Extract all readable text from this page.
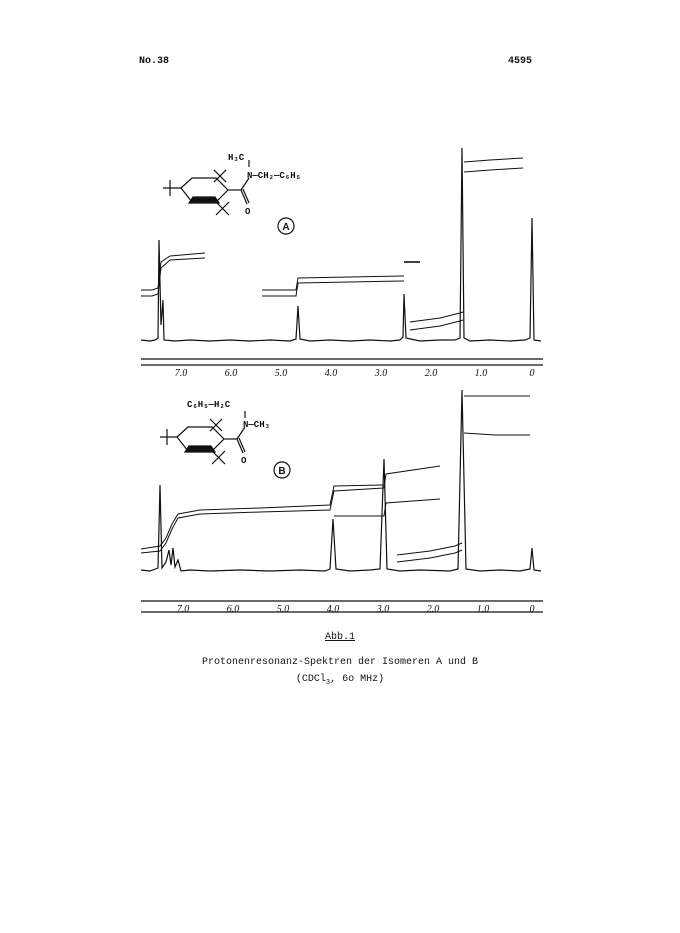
No.38	4595
H₃C
N—CH₂—C₆H₅
O
A
C₆H₅—H₂C
N—CH₃
O
B
7.0	6.0	5.0	4.0	3.0	2.0	1.0	0
7.0	6.0	5.0	4.0	3.0	2.0	1.0	0
Abb.1
Protonenresonanz-Spektren der Isomeren A und B
(CDCl$_3$, 6o MHz)
